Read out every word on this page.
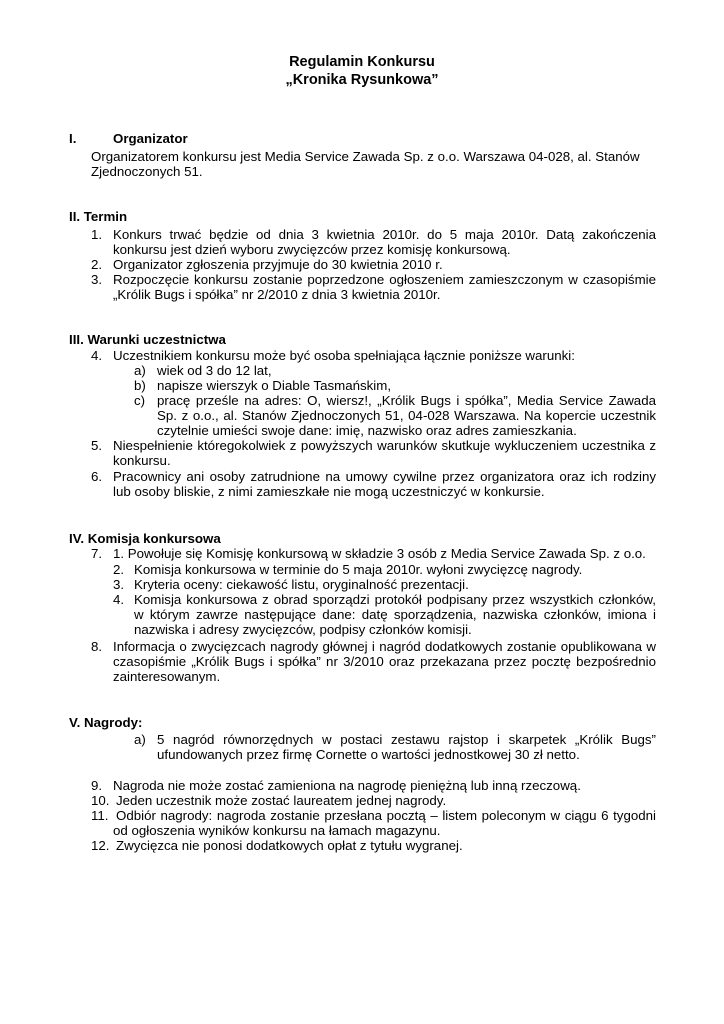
Regulamin Konkursu
„Kronika Rysunkowa”
I.	Organizator
Organizatorem konkursu jest Media Service Zawada Sp. z o.o. Warszawa 04-028, al. Stanów
Zjednoczonych 51.
II. Termin
1. Konkurs trwać będzie od dnia 3 kwietnia 2010r. do 5 maja 2010r. Datą zakończenia
konkursu jest dzień wyboru zwycięzców przez komisję konkursową.
2. Organizator zgłoszenia przyjmuje do 30 kwietnia 2010 r.
3. Rozpoczęcie konkursu zostanie poprzedzone ogłoszeniem zamieszczonym w czasopiśmie
„Królik Bugs i spółka” nr 2/2010 z dnia 3 kwietnia 2010r.
III. Warunki uczestnictwa
4. Uczestnikiem konkursu może być osoba spełniająca łącznie poniższe warunki:
a) wiek od 3 do 12 lat,
b) napisze wierszyk o Diable Tasmańskim,
c) pracę prześle na adres: O, wiersz!, „Królik Bugs i spółka”, Media Service Zawada
Sp. z o.o., al. Stanów Zjednoczonych 51, 04-028 Warszawa. Na kopercie uczestnik
czytelnie umieści swoje dane: imię, nazwisko oraz adres zamieszkania.
5. Niespełnienie któregokolwiek z powyższych warunków skutkuje wykluczeniem uczestnika z
konkursu.
6. Pracownicy ani osoby zatrudnione na umowy cywilne przez organizatora oraz ich rodziny
lub osoby bliskie, z nimi zamieszkałe nie mogą uczestniczyć w konkursie.
IV. Komisja konkursowa
7. 1. Powołuje się Komisję konkursową w składzie 3 osób z Media Service Zawada Sp. z o.o.
2. Komisja konkursowa w terminie do 5 maja 2010r. wyłoni zwycięzcę nagrody.
3. Kryteria oceny: ciekawość listu, oryginalność prezentacji.
4. Komisja konkursowa z obrad sporządzi protokół podpisany przez wszystkich członków,
w którym zawrze następujące dane: datę sporządzenia, nazwiska członków, imiona i
nazwiska i adresy zwycięzców, podpisy członków komisji.
8. Informacja o zwycięzcach nagrody głównej i nagród dodatkowych zostanie opublikowana w
czasopiśmie „Królik Bugs i spółka” nr 3/2010 oraz przekazana przez pocztę bezpośrednio
zainteresowanym.
V. Nagrody:
a) 5 nagród równorzędnych w postaci zestawu rajstop i skarpetek „Królik Bugs”
ufundowanych przez firmę Cornette o wartości jednostkowej 30 zł netto.
9. Nagroda nie może zostać zamieniona na nagrodę pieniężną lub inną rzeczową.
10. Jeden uczestnik może zostać laureatem jednej nagrody.
11. Odbiór nagrody: nagroda zostanie przesłana pocztą – listem poleconym w ciągu 6 tygodni
od ogłoszenia wyników konkursu na łamach magazynu.
12. Zwycięzca nie ponosi dodatkowych opłat z tytułu wygranej.
